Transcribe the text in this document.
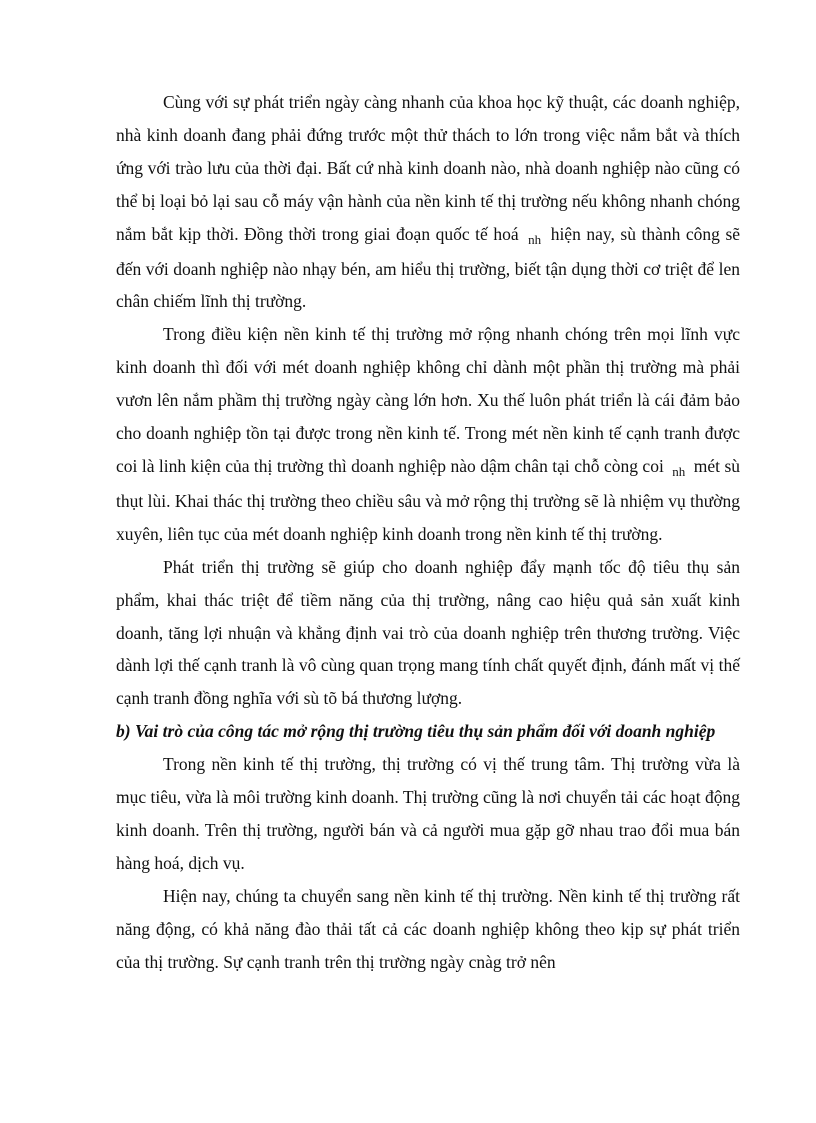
Cùng với sự phát triển ngày càng nhanh của khoa học kỹ thuật, các doanh nghiệp, nhà kinh doanh đang phải đứng trước một thử thách to lớn trong việc nắm bắt và thích ứng với trào lưu của thời đại. Bất cứ nhà kinh doanh nào, nhà doanh nghiệp nào cũng có thể bị loại bỏ lại sau cỗ máy vận hành của nền kinh tế thị trường nếu không nhanh chóng nắm bắt kịp thời. Đồng thời trong giai đoạn quốc tế hoá $_{nh}$ hiện nay, sù thành công sẽ đến với doanh nghiệp nào nhạy bén, am hiểu thị trường, biết tận dụng thời cơ triệt để len chân chiếm lĩnh thị trường.

Trong điều kiện nền kinh tế thị trường mở rộng nhanh chóng trên mọi lĩnh vực kinh doanh thì đối với mét doanh nghiệp không chỉ dành một phần thị trường mà phải vươn lên nắm phầm thị trường ngày càng lớn hơn. Xu thế luôn phát triển là cái đảm bảo cho doanh nghiệp tồn tại được trong nền kinh tế. Trong mét nền kinh tế cạnh tranh được coi là linh kiện của thị trường thì doanh nghiệp nào dậm chân tại chỗ còng coi $_{nh}$ mét sù thụt lùi. Khai thác thị trường theo chiều sâu và mở rộng thị trường sẽ là nhiệm vụ thường xuyên, liên tục của mét doanh nghiệp kinh doanh trong nền kinh tế thị trường.

Phát triển thị trường sẽ giúp cho doanh nghiệp đẩy mạnh tốc độ tiêu thụ sản phẩm, khai thác triệt để tiềm năng của thị trường, nâng cao hiệu quả sản xuất kinh doanh, tăng lợi nhuận và khẳng định vai trò của doanh nghiệp trên thương trường. Việc dành lợi thế cạnh tranh là vô cùng quan trọng mang tính chất quyết định, đánh mất vị thế cạnh tranh đồng nghĩa với sù tõ bá thương lượng.

b) Vai trò của công tác mở rộng thị trường tiêu thụ sản phẩm đối với doanh nghiệp

Trong nền kinh tế thị trường, thị trường có vị thế trung tâm. Thị trường vừa là mục tiêu, vừa là môi trường kinh doanh. Thị trường cũng là nơi chuyển tải các hoạt động kinh doanh. Trên thị trường, người bán và cả người mua gặp gỡ nhau trao đổi mua bán hàng hoá, dịch vụ.

Hiện nay, chúng ta chuyển sang nền kinh tế thị trường. Nền kinh tế thị trường rất năng động, có khả năng đào thải tất cả các doanh nghiệp không theo kịp sự phát triển của thị trường. Sự cạnh tranh trên thị trường ngày cnàg trở nên
